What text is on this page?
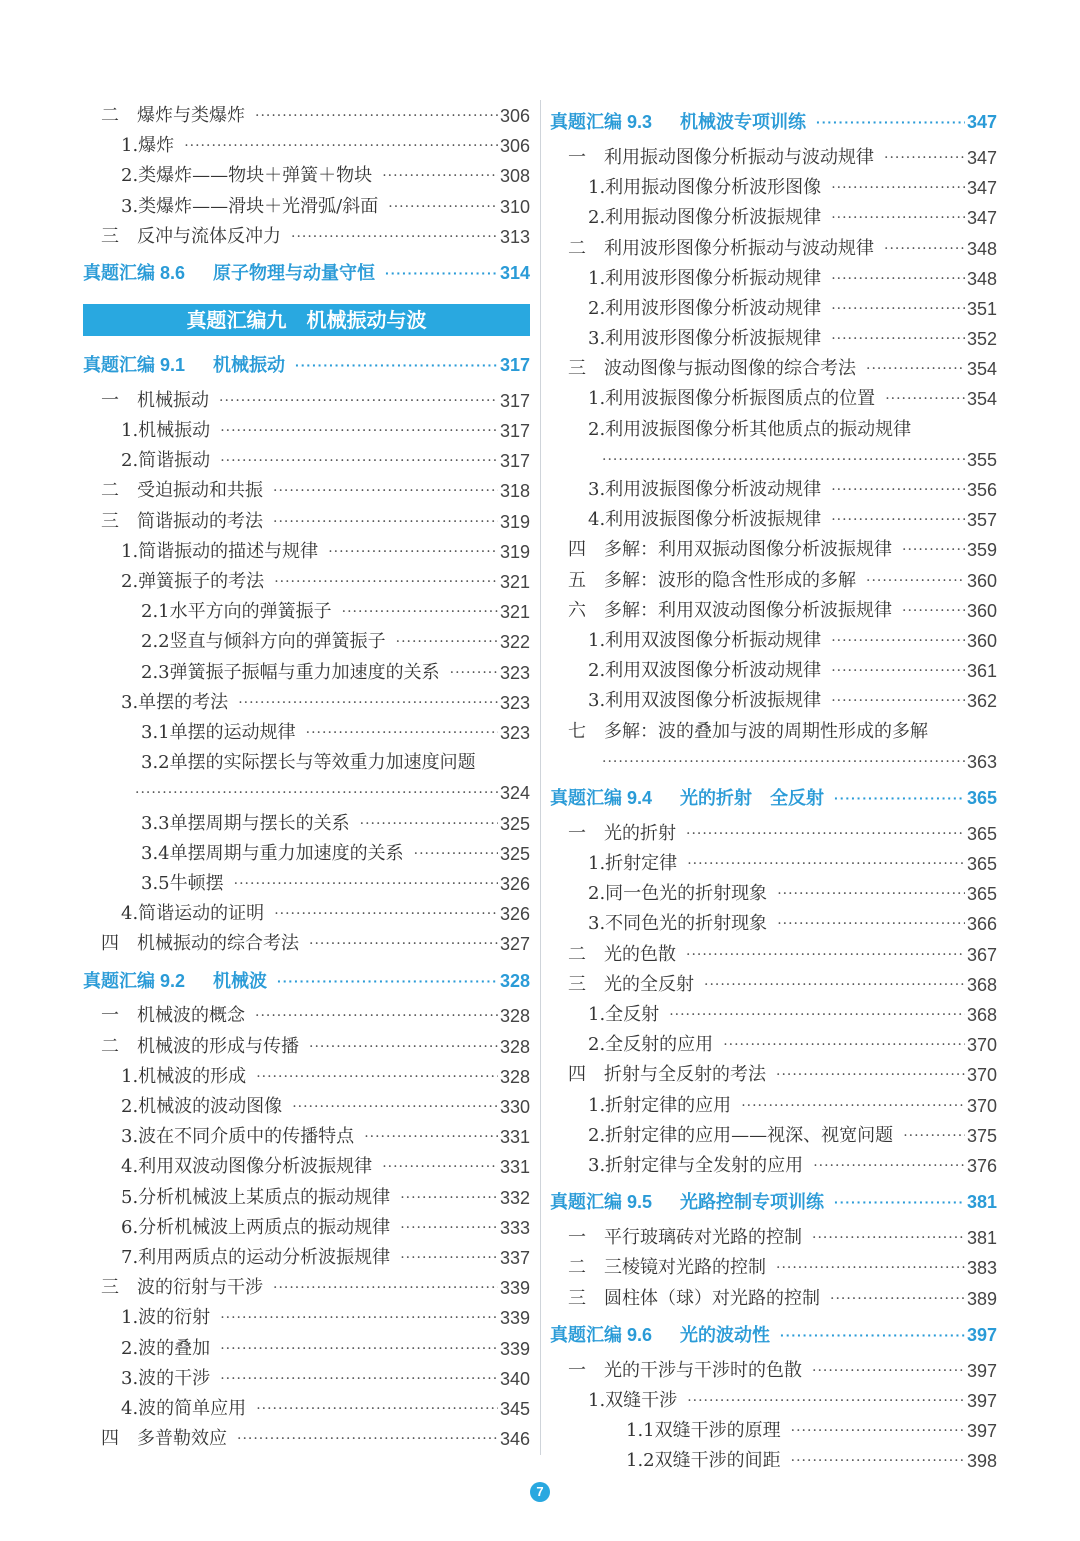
二 爆炸与类爆炸 ·····	306
1.爆炸 ·····	306
2.类爆炸——物块＋弹簧＋物块 ·····	308
3.类爆炸——滑块＋光滑弧/斜面 ·····	310
三 反冲与流体反冲力 ·····	313
真题汇编 8.6 原子物理与动量守恒 ·····	314
真题汇编九　机械振动与波
真题汇编 9.1 机械振动 ·····	317
一 机械振动 ·····	317
1.机械振动 ·····	317
2.简谐振动 ·····	317
二 受迫振动和共振 ·····	318
三 简谐振动的考法 ·····	319
1.简谐振动的描述与规律 ·····	319
2.弹簧振子的考法 ·····	321
2.1水平方向的弹簧振子 ·····	321
2.2竖直与倾斜方向的弹簧振子 ·····	322
2.3弹簧振子振幅与重力加速度的关系 ·····	323
3.单摆的考法 ·····	323
3.1单摆的运动规律 ·····	323
3.2单摆的实际摆长与等效重力加速度问题
·····
324
3.3单摆周期与摆长的关系 ·····	325
3.4单摆周期与重力加速度的关系 ·····	325
3.5牛顿摆 ·····	326
4.简谐运动的证明 ·····	326
四 机械振动的综合考法 ·····	327
真题汇编 9.2 机械波 ·····	328
一 机械波的概念 ·····	328
二 机械波的形成与传播 ·····	328
1.机械波的形成 ·····	328
2.机械波的波动图像 ·····	330
3.波在不同介质中的传播特点 ·····	331
4.利用双波动图像分析波振规律 ·····	331
5.分析机械波上某质点的振动规律 ·····	332
6.分析机械波上两质点的振动规律 ·····	333
7.利用两质点的运动分析波振规律 ·····	337
三 波的衍射与干涉 ·····	339
1.波的衍射 ·····	339
2.波的叠加 ·····	339
3.波的干涉 ·····	340
4.波的简单应用 ·····	345
四 多普勒效应 ·····	346
真题汇编 9.3 机械波专项训练 ·····	347
一 利用振动图像分析振动与波动规律 ·····	347
1.利用振动图像分析波形图像 ·····	347
2.利用振动图像分析波振规律 ·····	347
二 利用波形图像分析振动与波动规律 ·····	348
1.利用波形图像分析振动规律 ·····	348
2.利用波形图像分析波动规律 ·····	351
3.利用波形图像分析波振规律 ·····	352
三 波动图像与振动图像的综合考法 ·····	354
1.利用波振图像分析振图质点的位置 ·····	354
2.利用波振图像分析其他质点的振动规律
·····
355
3.利用波振图像分析波动规律 ·····	356
4.利用波振图像分析波振规律 ·····	357
四 多解：利用双振动图像分析波振规律 ·····	359
五 多解：波形的隐含性形成的多解 ·····	360
六 多解：利用双波动图像分析波振规律 ·····	360
1.利用双波图像分析振动规律 ·····	360
2.利用双波图像分析波动规律 ·····	361
3.利用双波图像分析波振规律 ·····	362
七 多解：波的叠加与波的周期性形成的多解
·····
363
真题汇编 9.4 光的折射　全反射 ·····	365
一 光的折射 ·····	365
1.折射定律 ·····	365
2.同一色光的折射现象 ·····	365
3.不同色光的折射现象 ·····	366
二 光的色散 ·····	367
三 光的全反射 ·····	368
1.全反射 ·····	368
2.全反射的应用 ·····	370
四 折射与全反射的考法 ·····	370
1.折射定律的应用 ·····	370
2.折射定律的应用——视深、视宽问题 ·····	375
3.折射定律与全发射的应用 ·····	376
真题汇编 9.5 光路控制专项训练 ·····	381
一 平行玻璃砖对光路的控制 ·····	381
二 三棱镜对光路的控制 ·····	383
三 圆柱体（球）对光路的控制 ·····	389
真题汇编 9.6 光的波动性 ·····	397
一 光的干涉与干涉时的色散 ·····	397
1.双缝干涉 ·····	397
1.1双缝干涉的原理 ·····	397
1.2双缝干涉的间距 ·····	398
7
